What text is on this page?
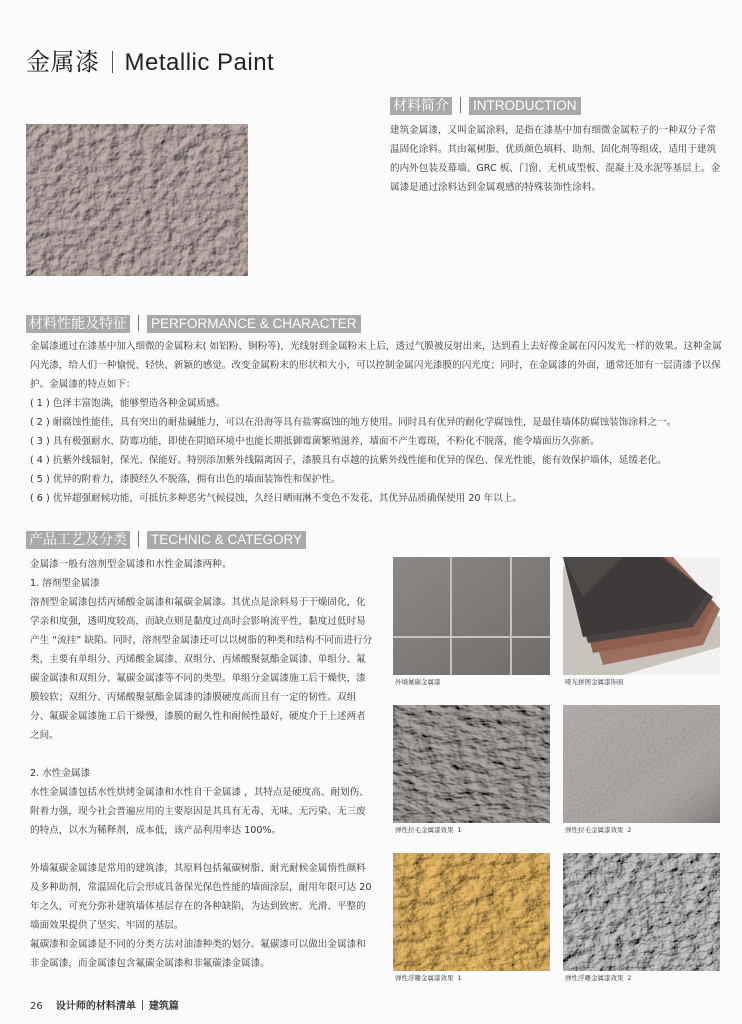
金属漆 Metallic Paint
材料简介 INTRODUCTION

建筑金属漆，又叫金属涂料，是指在漆基中加有细微金属粒子的一种双分子常温固化涂料。其由氟树脂、优质颜色填料、助剂、固化剂等组成，适用于建筑的内外包装及幕墙、GRC 板、门窗、无机成型板、混凝土及水泥等基层上。金属漆是通过涂料达到金属观感的特殊装饰性涂料。

材料性能及特征 PERFORMANCE & CHARACTER

金属漆通过在漆基中加入细微的金属粉末( 如铝粉、铜粉等)，光线射到金属粉末上后，透过气膜被反射出来，达到看上去好像金属在闪闪发光一样的效果。这种金属闪光漆，给人们一种愉悦、轻快、新颖的感觉。改变金属粉末的形状和大小，可以控制金属闪光漆膜的闪光度；同时，在金属漆的外面，通常还加有一层清漆予以保护。金属漆的特点如下：

( 1 ) 色泽丰富饱满，能够塑造各种金属质感。

( 2 ) 耐腐蚀性能佳，具有突出的耐盐碱能力，可以在沿海等具有盐雾腐蚀的地方使用。同时具有优异的耐化学腐蚀性，是最佳墙体防腐蚀装饰涂料之一。

( 3 ) 具有极强耐水、防霉功能，即使在阴暗环境中也能长期抵御霉菌繁殖滋养，墙面不产生霉斑，不粉化不脱落，能令墙面历久弥新。

( 4 ) 抗紫外线辐射，保光、保能好。特别添加紫外线隔离因子，漆膜具有卓越的抗紫外线性能和优异的保色、保光性能，能有效保护墙体，延缓老化。

( 5 ) 优异的附着力，漆膜经久不脱落，拥有出色的墙面装饰性和保护性。

( 6 ) 优异超强耐候功能，可抵抗多种恶劣气候侵蚀，久经日晒雨淋不变色不发花，其优异品质确保使用 20 年以上。

产品工艺及分类 TECHNIC & CATEGORY

金属漆一般有溶剂型金属漆和水性金属漆两种。

1. 溶剂型金属漆

溶剂型金属漆包括丙烯酸金属漆和氟碳金属漆。其优点是涂料易于干燥固化，化学亲和度强，透明度较高，而缺点则是黏度过高时会影响流平性，黏度过低时易产生 “流挂” 缺陷。同时，溶剂型金属漆还可以以树脂的种类和结构不同而进行分类，主要有单组分、丙烯酸金属漆、双组分、丙烯酸聚氨酯金属漆、单组分、氟碳金属漆和双组分、氟碳金属漆等不同的类型。单组分金属漆施工后干燥快，漆膜较软；双组分、丙烯酸聚氨酯金属漆的漆膜硬度高而且有一定的韧性。双组分、氟碳金属漆施工后干燥慢，漆膜的耐久性和耐候性最好，硬度介于上述两者之间。

2. 水性金属漆

水性金属漆包括水性烘烤金属漆和水性自干金属漆 ，其特点是硬度高、耐划伤、附着力强，现今社会普遍应用的主要原因是其具有无毒、无味、无污染、无三废的特点，以水为稀释剂，成本低，该产品利用率达 100%。

外墙氟碳金属漆是常用的建筑漆，其原料包括氟碳树脂、耐光耐候金属惰性颜料及多种助剂，常温固化后会形成具备保光保色性能的墙面涂层，耐用年限可达 20 年之久，可充分弥补建筑墙体基层存在的各种缺陷，为达到致密、光滑、平整的墙面效果提供了坚实、牢固的基层。

氟碳漆和金属漆是不同的分类方法对油漆种类的划分。氟碳漆可以做出金属漆和非金属漆，而金属漆包含氟碳金属漆和非氟碳漆金属漆。

外墙氟碳金属漆	哑光拼图金属漆饰面
弹性拉毛金属漆效果 1	弹性拉毛金属漆效果 2
弹性浮雕金属漆效果 1	弹性浮雕金属漆效果 2
26 设计师的材料清单 建筑篇
